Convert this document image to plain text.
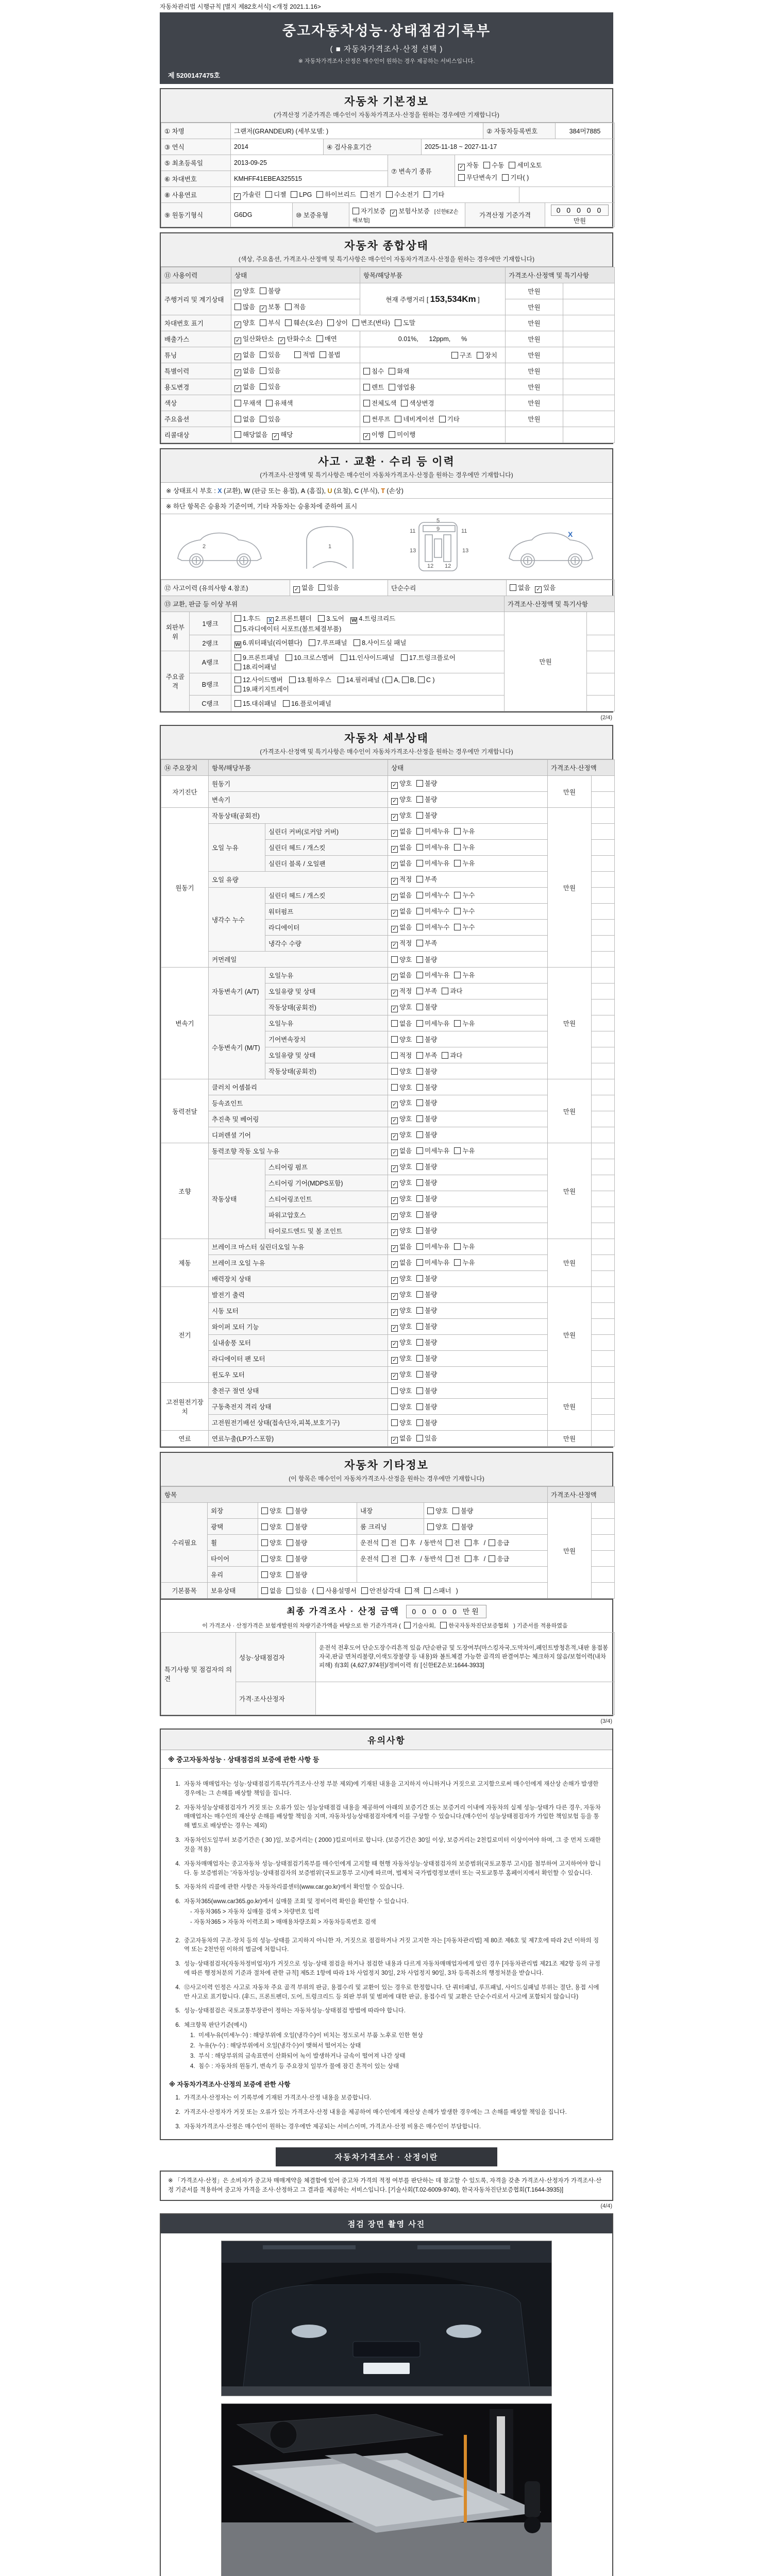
자동차관리법 시행규칙 [별지 제82호서식] <개정 2021.1.16>
중고자동차성능·상태점검기록부
( ■ 자동차가격조사·산정 선택 )
※ 자동차가격조사·산정은 매수인이 원하는 경우 제공하는 서비스입니다.
제 5200147475호
자동차 기본정보
(가격산정 기준가격은 매수인이 자동차가격조사·산정을 원하는 경우에만 기재합니다)
① 차명	그랜저(GRANDEUR) (세부모델: )	② 자동차등록번호	384머7885
③ 연식	2014	④ 검사유효기간	2025-11-18 ~ 2027-11-17
⑤ 최초등록일	2013-09-25	⑦ 변속기 종류	✓ 자동 수동 세미오토
무단변속기 기타( )

⑥ 차대번호	KMHFF41EBEA325515		
⑧ 사용연료	✓ 가솔린 디젤 LPG 하이브리드 전기 수소전기 기타	
⑨ 원동기형식	G6DG	⑩ 보증유형	자기보증 ✓ 보험사보증 [신한EZ손해보험]	가격산정 기준가격	0 0 0 0 0만원
자동차 종합상태
(색상, 주요옵션, 가격조사·산정액 및 특기사항은 매수인이 자동차가격조사·산정을 원하는 경우에만 기재합니다)
⑪ 사용이력	상태	항목/해당부품	가격조사·산정액 및 특기사항	
주행거리 및 계기상태	✓ 양호 불량	현재 주행거리 [ 153,534Km ]	만원	
	많음 ✓ 보통 적음		만원	
차대번호 표기	✓ 양호 부식 훼손(오손) 상이 변조(변타) 도말		만원	
배출가스	✓ 일산화탄소 ✓ 탄화수소 매연	0.01%,      12ppm,      %	만원	
튜닝	✓ 없음 있음 적법 불법	구조 장치	만원	
특별이력	✓ 없음 있음	침수 화재	만원	
용도변경	✓ 없음 있음	렌트 영업용	만원	
색상	무채색 유채색	전체도색 색상변경	만원	
주요옵션	없음 있음	썬루프 네비게이션 기타	만원	
리콜대상	해당없음 ✓ 해당	✓ 이행 미이행		
사고 · 교환 · 수리 등 이력
(가격조사·산정액 및 특기사항은 매수인이 자동차가격조사·산정을 원하는 경우에만 기재합니다)
※ 상태표시 부호 : X (교환), W (판금 또는 용접), A (흠집), U (요철), C (부식), T (손상)
※ 하단 항목은 승용차 기준이며, 기타 자동차는 승용차에 준하여 표시
2	1
11	9	11
5
13
12 12
13
X
⑫ 사고이력 (유의사항 4.참조)	✓ 없음 있음	단순수리	없음 ✓ 있음
⑬ 교환, 판금 등 이상 부위			가격조사·산정액 및 특기사항	
외판부위	1랭크	1.후드 X 2.프론트휀더 3.도어 W 4.트렁크리드
5.라디에이터 서포트(볼트체결부품)	만원	
	2랭크	W 6.쿼터패널(리어휀다) 7.루프패널 8.사이드실 패널		

주요골격	A랭크	9.프론트패널 10.크로스멤버 11.인사이드패널 17.트렁크플로어
18.리어패널		

	B랭크	12.사이드멤버 13.휠하우스 14.필러패널 ( A, B, C )
19.패키지트레이		

	C랭크	15.대쉬패널 16.플로어패널		

(2/4)
자동차 세부상태
(가격조사·산정액 및 특기사항은 매수인이 자동차가격조사·산정을 원하는 경우에만 기재합니다)
⑭ 주요장치	항목/해당부품		상태	가격조사·산정액	
자기진단	원동기		✓ 양호 불량	만원	
	변속기		✓ 양호 불량		
원동기	작동상태(공회전)		✓ 양호 불량	만원	
	오일 누유	실린더 커버(로커암 커버)	✓ 없음 미세누유 누유		
		실린더 헤드 / 개스킷	✓ 없음 미세누유 누유		
		실린더 블록 / 오일팬	✓ 없음 미세누유 누유		
	오일 유량		✓ 적정 부족		
	냉각수 누수	실린더 헤드 / 개스킷	✓ 없음 미세누수 누수		
		워터펌프	✓ 없음 미세누수 누수		
		라디에이터	✓ 없음 미세누수 누수		
		냉각수 수량	✓ 적정 부족		
	커먼레일		양호 불량		
변속기	자동변속기 (A/T)	오일누유	✓ 없음 미세누유 누유	만원	
		오일유량 및 상태	✓ 적정 부족 과다		
		작동상태(공회전)	✓ 양호 불량		
	수동변속기 (M/T)	오일누유	없음 미세누유 누유		
		기어변속장치	양호 불량		
		오일유량 및 상태	적정 부족 과다		
		작동상태(공회전)	양호 불량		
동력전달	클러치 어셈블리		양호 불량	만원	
	등속죠인트		✓ 양호 불량		
	추진축 및 베어링		✓ 양호 불량		
	디퍼렌셜 기어		✓ 양호 불량		
조향	동력조향 작동 오일 누유		✓ 없음 미세누유 누유	만원	
	작동상태	스티어링 펌프	✓ 양호 불량		
		스티어링 기어(MDPS포함)	✓ 양호 불량		
		스티어링조인트	✓ 양호 불량		
		파워고압호스	✓ 양호 불량		
		타이로드엔드 및 볼 조인트	✓ 양호 불량		
제동	브레이크 마스터 실린더오일 누유		✓ 없음 미세누유 누유	만원	
	브레이크 오일 누유		✓ 없음 미세누유 누유		
	배력장치 상태		✓ 양호 불량		
전기	발전기 출력		✓ 양호 불량	만원	
	시동 모터		✓ 양호 불량		
	와이퍼 모터 기능		✓ 양호 불량		
	실내송풍 모터		✓ 양호 불량		
	라디에이터 팬 모터		✓ 양호 불량		
	윈도우 모터		✓ 양호 불량		
고전원전기장치	충전구 절연 상태		양호 불량	만원	
	구동축전지 격리 상태		양호 불량		
	고전원전기배선 상태(접속단자,피복,보호기구)		양호 불량		
연료	연료누출(LP가스포함)		✓ 없음 있음	만원	
자동차 기타정보
(이 항목은 매수인이 자동차가격조사·산정을 원하는 경우에만 기재합니다)
항목					가격조사·산정액	
수리필요	외장	양호 불량	내장	양호 불량	만원	
	광택	양호 불량	룸 크리닝	양호 불량		
	휠	양호 불량	운전석 전 후 / 동반석 전 후 / 응급			
	타이어	양호 불량	운전석 전 후 / 동반석 전 후 / 응급			
	유리	양호 불량				
기본품목	보유상태	없음 있음 ( 사용설명서 안전삼각대 잭 스패너 )				
최종 가격조사 · 산정 금액 0 0 0 0 0 만원
이 가격조사 · 산정가격은 보험개발원의 차량기준가액을 바탕으로 한 기준가격과 ( 기술사회, 한국자동차진단보증협회 ) 기준서를 적용하였음
특기사항 및 점검자의 의견	성능·상태점검자	운전석 전후도어 단순도장수리흔적 있음 /단순판금 및 도장여부(마스킹자국,도막차이,페인트방청흔적,내판 용접봉자국,판금 면처리불량,이색도장불량 등 내용)와 볼트체결 가능한 골격의 판결여부는 체크하지 않음/보험이력(내차피해) 有3회 (4,627,974원)/정비이력 有 [신한EZ손보:1644-3933]
	가격·조사산정자	
(3/4)
유의사항
※ 중고자동차성능 · 상태점검의 보증에 관한 사항 등
1. 자동차 매매업자는 성능·상태점검기록부(가격조사·산정 부분 제외)에 기재된 내용을 고지하지 아니하거나 거짓으로 고지함으로써 매수인에게 재산상 손해가 발생한 경우에는 그 손해를 배상할 책임을 집니다.
2. 자동차성능상태점검자가 거짓 또는 오류가 있는 성능상태점검 내용을 제공하여 아래의 보증기간 또는 보증거리 이내에 자동차의 실제 성능·상태가 다른 경우, 자동차매매업자는 매수인의 재산상 손해를 배상할 책임을 지며, 자동차성능상태점검자에게 이를 구상할 수 있습니다.(매수인이 성능상태점검자가 가입한 책임보험 등을 통해 별도로 배상받는 경우는 제외)
3. 자동차인도일부터 보증기간은 ( 30 )일, 보증거리는 ( 2000 )킬로미터로 합니다. (보증기간은 30일 이상, 보증거리는 2천킬로미터 이상이어야 하며, 그 중 먼저 도래한 것을 적용)
4. 자동차매매업자는 중고자동차 성능·상태점검기록부를 매수인에게 고지할 때 현행 자동차성능·상태점검자의 보증범위(국토교통부 고시)를 첨부하여 고지하여야 합니다. 동 보증범위는 '자동차성능·상태점검자의 보증범위'(국토교통부 고시)에 따르며, 법제처 국가법령정보센터 또는 국토교통부 홈페이지에서 확인할 수 있습니다.
5. 자동차의 리콜에 관한 사항은 자동차리콜센터(www.car.go.kr)에서 확인할 수 있습니다.
6. 자동차365(www.car365.go.kr)에서 실매물 조회 및 정비이력 확인을 확인할 수 있습니다.
- 자동차365 > 자동차 실매물 검색 > 차량번호 입력
- 자동차365 > 자동차 이력조회 > 매매용차량조회 > 자동차등록번호 검색
2. 중고자동차의 구조·장치 등의 성능·상태를 고지하지 아니한 자, 거짓으로 점검하거나 거짓 고지한 자는 [자동차관리법] 제 80조 제6호 및 제7호에 따라 2년 이하의 징역 또는 2천만원 이하의 벌금에 처합니다.
3. 성능·상태점검자(자동차정비업자)가 거짓으로 성능·상태 점검을 하거나 점검한 내용과 다르게 자동차매매업자에게 알린 경우 [자동차관리법 제21조 제2항 등의 규정에 따른 행정처분의 기준과 절차에 관한 규칙] 제5조 1항에 따라 1차 사업정지 30일, 2차 사업정지 90일, 3차 등록취소의 행정처분을 받습니다.
4. ⑫사고이력 인정은 사고로 자동차 주요 골격 부위의 판금, 용접수리 및 교환이 있는 경우로 한정합니다. 단 쿼터패널, 루프패널, 사이드실패널 부위는 절단, 용접 시에만 사고로 표기합니다. (후드, 프론트펜더, 도어, 트렁크리드 등 외판 부위 및 범퍼에 대한 판금, 용접수리 및 교환은 단순수리로서 사고에 포함되지 않습니다)
5. 성능·상태점검은 국토교통부장관이 정하는 자동차성능·상태점검 방법에 따라야 합니다.
6. 체크항목 판단기준(예시)
1.  미세누유(미세누수) : 해당부위에 오일(냉각수)이 비치는 정도로서 부품 노후로 인한 현상
2.  누유(누수) : 해당부위에서 오일(냉각수)이 맺혀서 떨어지는 상태
3.  부식 : 해당부위의 금속표면이 산화되어 녹이 발생하거나 금속이 떨어져 나간 상태
4.  침수 : 자동차의 원동기, 변속기 등 주요장치 일부가 물에 잠긴 흔적이 있는 상태
※ 자동차가격조사·산정의 보증에 관한 사항
1. 가격조사·산정자는 이 기록부에 기재된 가격조사·산정 내용을 보증합니다.
2. 가격조사·산정자가 거짓 또는 오류가 있는 가격조사·산정 내용을 제공하여 매수인에게 재산상 손해가 발생한 경우에는 그 손해를 배상할 책임을 집니다.
3. 자동차가격조사·산정은 매수인이 원하는 경우에만 제공되는 서비스이며, 가격조사·산정 비용은 매수인이 부담합니다.
자동차가격조사 · 산정이란
※ 「가격조사·산정」은 소비자가 중고차 매매계약을 체결함에 있어 중고차 가격의 적정 여부를 판단하는 데 참고할 수 있도록, 자격을 갖춘 가격조사·산정자가 가격조사·산정 기준서를 적용하여 중고차 가격을 조사·산정하고 그 결과를 제공하는 서비스입니다. [기술사회(T.02-6009-9740), 한국자동차진단보증협회(T.1644-3935)]
(4/4)
점검 장면 촬영 사진
